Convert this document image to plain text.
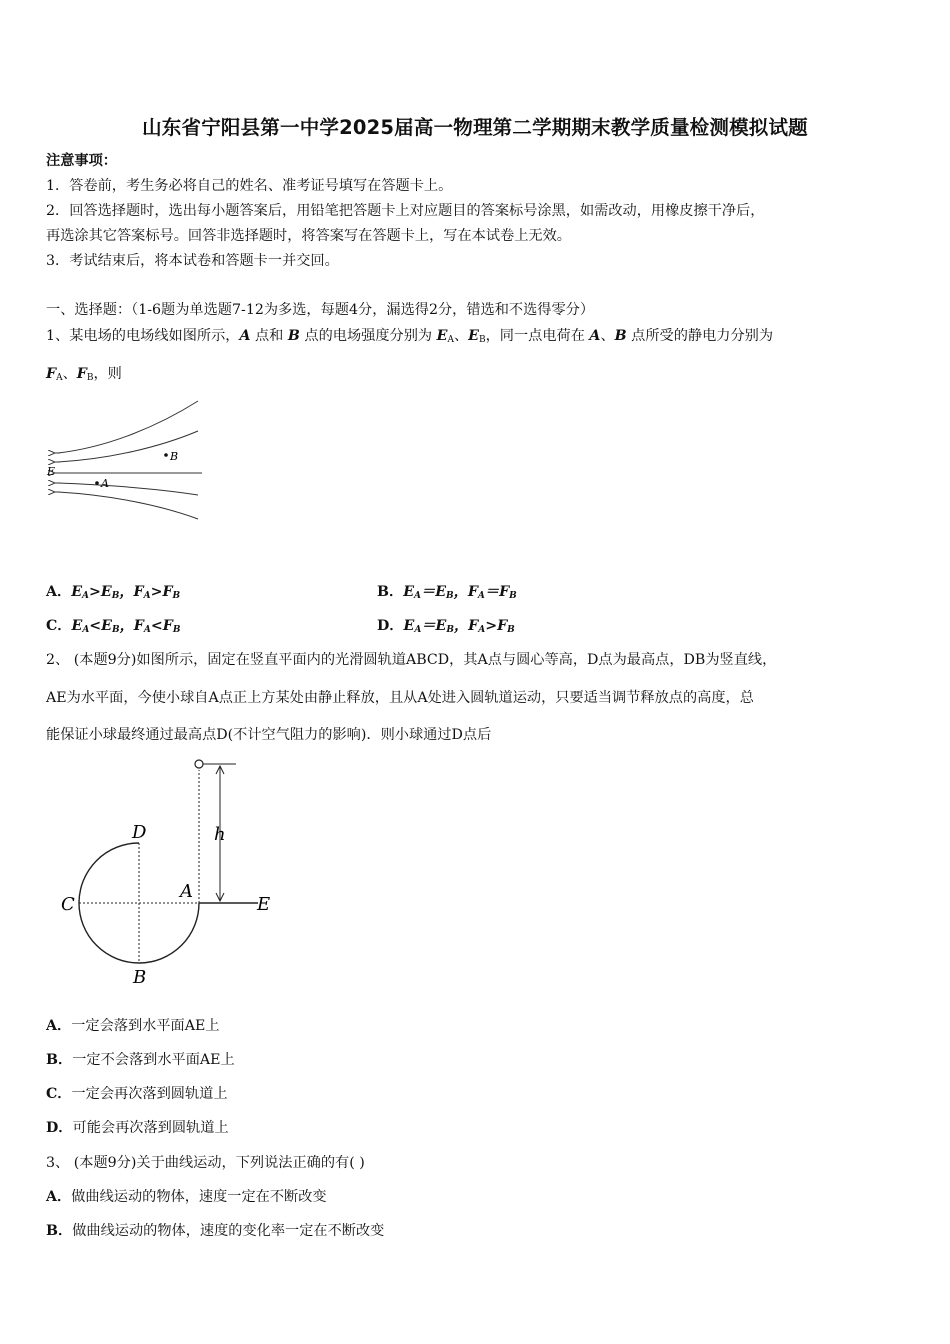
山东省宁阳县第一中学2025届高一物理第二学期期末教学质量检测模拟试题
注意事项：
1．答卷前，考生务必将自己的姓名、准考证号填写在答题卡上。
2．回答选择题时，选出每小题答案后，用铅笔把答题卡上对应题目的答案标号涂黑，如需改动，用橡皮擦干净后，
再选涂其它答案标号。回答非选择题时，将答案写在答题卡上，写在本试卷上无效。
3．考试结束后，将本试卷和答题卡一并交回。
一、选择题：（1-6题为单选题7-12为多选，每题4分，漏选得2分，错选和不选得零分）
1、某电场的电场线如图所示，A 点和 B 点的电场强度分别为 $E_A$、$E_B$，同一点电荷在 A、B 点所受的静电力分别为
$F_A$、$F_B$，则
B
A
E
A．$E_A>E_B$，$F_A>F_B$	B．$E_A=E_B$，$F_A=F_B$
C．$E_A<E_B$，$F_A<F_B$	D．$E_A=E_B$，$F_A>F_B$
2、 (本题9分)如图所示，固定在竖直平面内的光滑圆轨道ABCD，其A点与圆心等高，D点为最高点，DB为竖直线，
AE为水平面，今使小球自A点正上方某处由静止释放，且从A处进入圆轨道运动，只要适当调节释放点的高度，总
能保证小球最终通过最高点D(不计空气阻力的影响)．则小球通过D点后
h
D
C
A
E
B
A．一定会落到水平面AE上
B．一定不会落到水平面AE上
C．一定会再次落到圆轨道上
D．可能会再次落到圆轨道上
3、 (本题9分)关于曲线运动，下列说法正确的有( )
A．做曲线运动的物体，速度一定在不断改变
B．做曲线运动的物体，速度的变化率一定在不断改变
